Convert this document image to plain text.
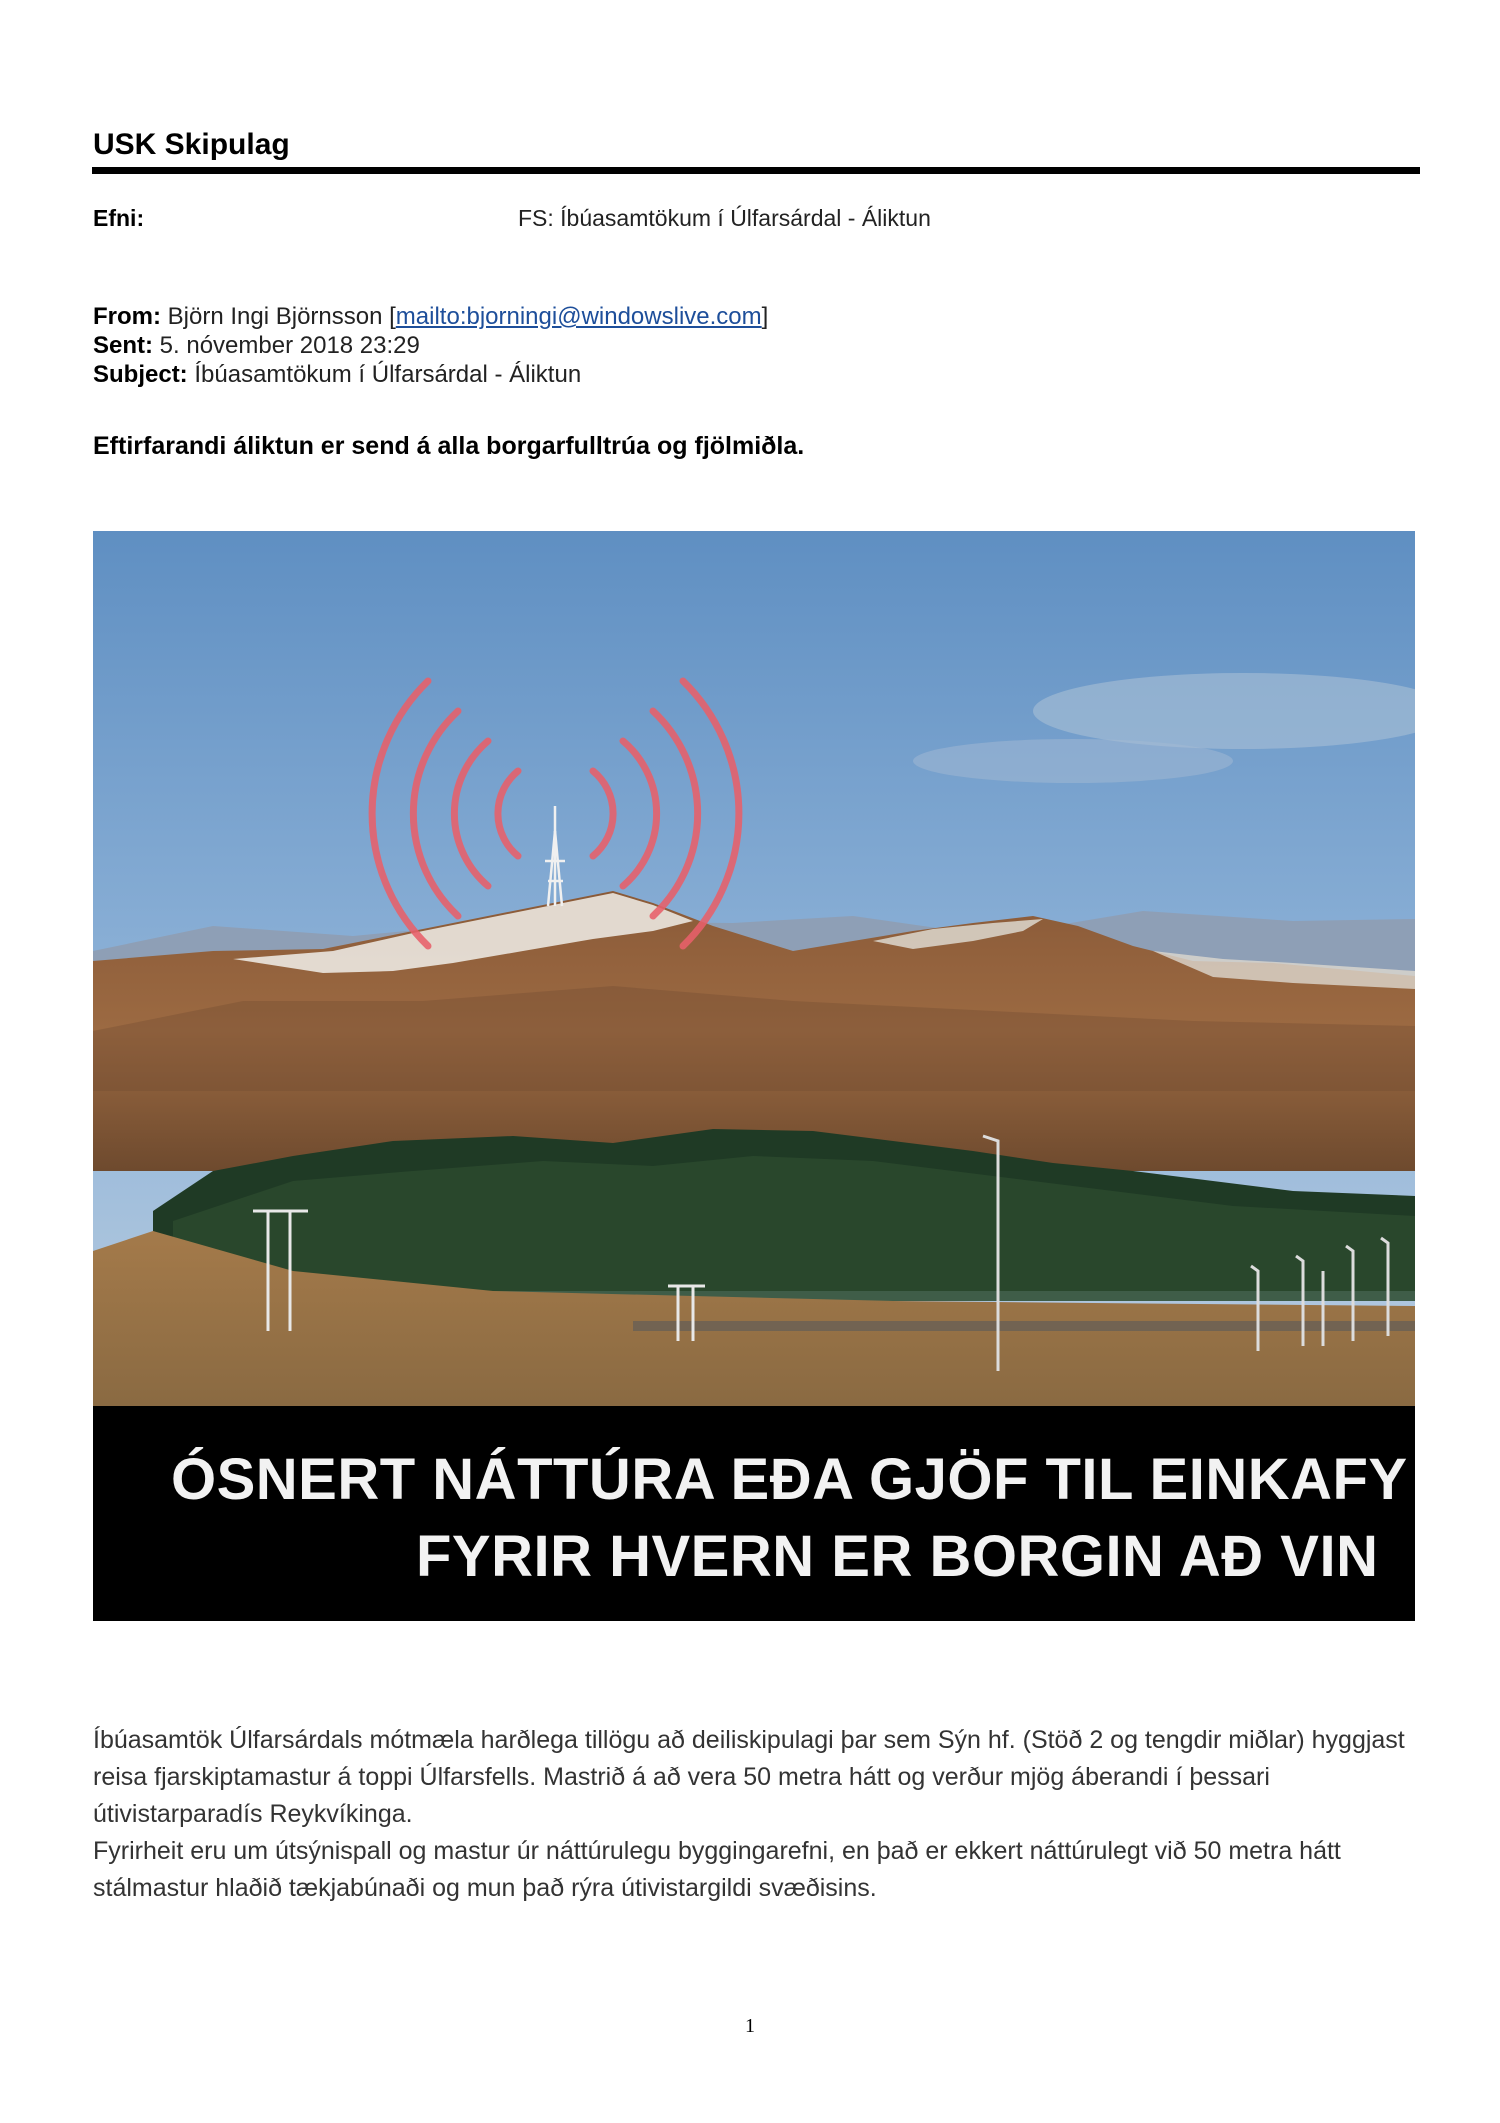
USK Skipulag
Efni:	FS: Íbúasamtökum í Úlfarsárdal - Áliktun
From: Björn Ingi Björnsson [mailto:bjorningi@windowslive.com]
Sent: 5. nóvember 2018 23:29
Subject: Íbúasamtökum í Úlfarsárdal - Áliktun
Eftirfarandi áliktun er send á alla borgarfulltrúa og fjölmiðla.
ÓSNERT NÁTTÚRA EÐA GJÖF TIL EINKAFY
FYRIR HVERN ER BORGIN AÐ VIN

Íbúasamtök Úlfarsárdals mótmæla harðlega tillögu að deiliskipulagi þar sem Sýn hf. (Stöð 2 og tengdir miðlar) hyggjast reisa fjarskiptamastur á toppi Úlfarsfells. Mastrið á að vera 50 metra hátt og verður mjög áberandi í þessari útivistarparadís Reykvíkinga.

Fyrirheit eru um útsýnispall og mastur úr náttúrulegu byggingarefni, en það er ekkert náttúrulegt við 50 metra hátt stálmastur hlaðið tækjabúnaði og mun það rýra útivistargildi svæðisins.

1
